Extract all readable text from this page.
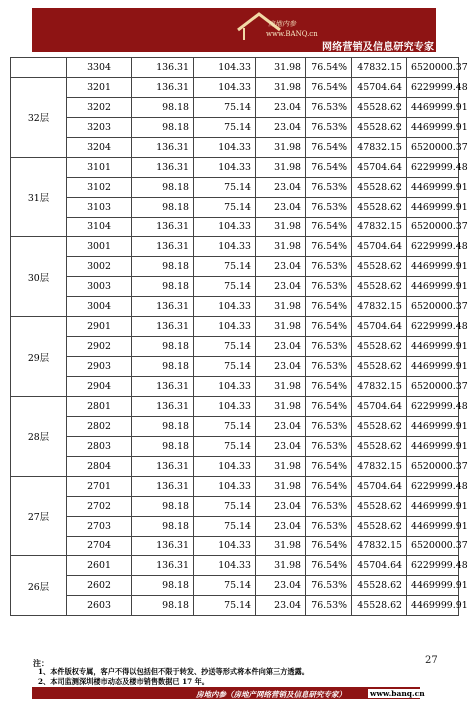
房地内参
www.BANQ.cn
网络营销及信息研究专家
	3304	136.31	104.33	31.98	76.54%	47832.15	6520000.37
32层	3201	136.31	104.33	31.98	76.54%	45704.64	6229999.48
	3202	98.18	75.14	23.04	76.53%	45528.62	4469999.91
	3203	98.18	75.14	23.04	76.53%	45528.62	4469999.91
	3204	136.31	104.33	31.98	76.54%	47832.15	6520000.37
31层	3101	136.31	104.33	31.98	76.54%	45704.64	6229999.48
	3102	98.18	75.14	23.04	76.53%	45528.62	4469999.91
	3103	98.18	75.14	23.04	76.53%	45528.62	4469999.91
	3104	136.31	104.33	31.98	76.54%	47832.15	6520000.37
30层	3001	136.31	104.33	31.98	76.54%	45704.64	6229999.48
	3002	98.18	75.14	23.04	76.53%	45528.62	4469999.91
	3003	98.18	75.14	23.04	76.53%	45528.62	4469999.91
	3004	136.31	104.33	31.98	76.54%	47832.15	6520000.37
29层	2901	136.31	104.33	31.98	76.54%	45704.64	6229999.48
	2902	98.18	75.14	23.04	76.53%	45528.62	4469999.91
	2903	98.18	75.14	23.04	76.53%	45528.62	4469999.91
	2904	136.31	104.33	31.98	76.54%	47832.15	6520000.37
28层	2801	136.31	104.33	31.98	76.54%	45704.64	6229999.48
	2802	98.18	75.14	23.04	76.53%	45528.62	4469999.91
	2803	98.18	75.14	23.04	76.53%	45528.62	4469999.91
	2804	136.31	104.33	31.98	76.54%	47832.15	6520000.37
27层	2701	136.31	104.33	31.98	76.54%	45704.64	6229999.48
	2702	98.18	75.14	23.04	76.53%	45528.62	4469999.91
	2703	98.18	75.14	23.04	76.53%	45528.62	4469999.91
	2704	136.31	104.33	31.98	76.54%	47832.15	6520000.37
26层	2601	136.31	104.33	31.98	76.54%	45704.64	6229999.48
	2602	98.18	75.14	23.04	76.53%	45528.62	4469999.91
	2603	98.18	75.14	23.04	76.53%	45528.62	4469999.91
27
注：
1、本件版权专属，客户不得以包括但不限于转发、抄送等形式将本件向第三方透露。
2、本司监测深圳楼市动态及楼市销售数据已 17 年。
房地内参（房地产网络营销及信息研究专家）	www.banq.cn
